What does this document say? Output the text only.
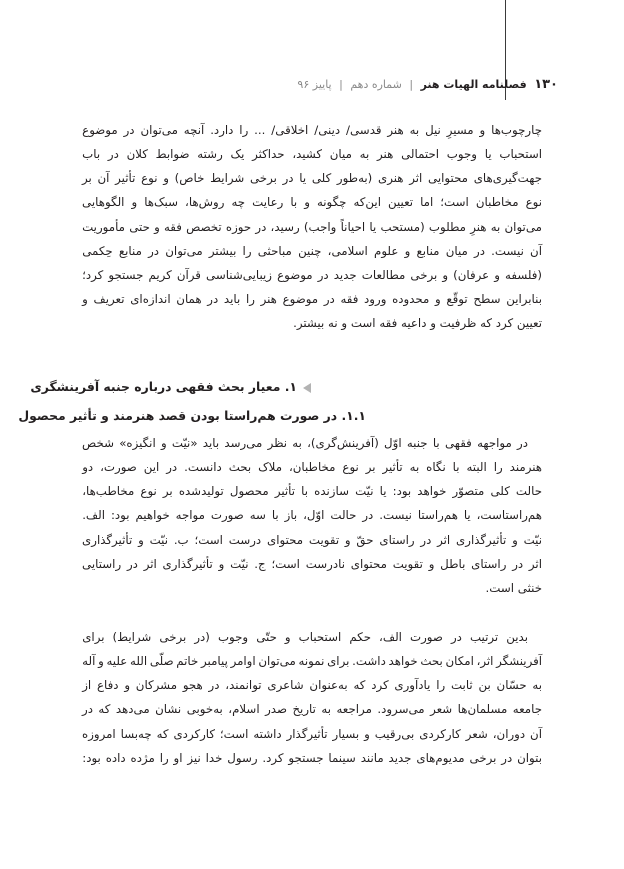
۱۳۰ فصلنامه الهیات هنر | شماره دهم | پاییز ۹۶
چارچوب‌ها
و
مسیرِ
نیل
به
هنر
قدسی/
دینی/
اخلاقی/
...
را
دارد.
آنچه
می‌توان
در
موضوع
استحباب
یا
وجوب
احتمالی
هنر
به
میان
کشید،
حداکثر
یک
رشته
ضوابط
کلان
در
باب
جهت‌گیری‌های
محتوایی
اثر
هنری
(به‌طور
کلی
یا
در
برخی
شرایط
خاص)
و
نوع
تأثیر
آن
بر
نوع
مخاطبان
است؛
اما
تعیین
این‌که
چگونه
و
با
رعایت
چه
روش‌ها،
سبک‌ها
و
الگوهایی
می‌توان
به
هنرِ
مطلوب
(مستحب
یا
احیاناً
واجب)
رسید،
در
حوزه
تخصص
فقه
و
حتی
مأموریت
آن
نیست.
در
میان
منابع
و
علوم
اسلامی،
چنین
مباحثی
را
بیشتر
می‌توان
در
منابع
حِکمی
(فلسفه
و
عرفان)
و
برخی
مطالعات
جدید
در
موضوع
زیبایی‌شناسی
قرآن
کریم
جستجو
کرد؛
بنابراین
سطح
توقّع
و
محدوده
ورود
فقه
در
موضوع
هنر
را
باید
در
همان
اندازه‌ای
تعریف
و
تعیین کرد که ظرفیت و داعیه فقه است و نه بیشتر.
۱. معیار بحث فقهی درباره جنبه آفرینشگری
۱.۱. در صورت هم‌راستا بودن قصد هنرمند و تأثیر محصول
در
مواجهه
فقهی
با
جنبه
اوّل
(آفرینش‌گری)،
به
نظر
می‌رسد
باید
«نیّت
و
انگیزه»
شخص
هنرمند
را
البته
با
نگاه
به
تأثیر
بر
نوع
مخاطبان،
ملاک
بحث
دانست.
در
این
صورت،
دو
حالت
کلی
متصوّر
خواهد
بود:
یا
نیّت
سازنده
با
تأثیر
محصول
تولیدشده
بر
نوع
مخاطب‌ها،
هم‌راستاست،
یا
هم‌راستا
نیست.
در
حالت
اوّل،
باز
با
سه
صورت
مواجه
خواهیم
بود:
الف.
نیّت
و
تأثیرگذاری
اثر
در
راستای
حقّ
و
تقویت
محتوای
درست
است؛
ب.
نیّت
و
تأثیرگذاری
اثر
در
راستای
باطل
و
تقویت
محتوای
نادرست
است؛
ج.
نیّت
و
تأثیرگذاری
اثر
در
راستایی
خنثی است.
بدین
ترتیب
در
صورت
الف،
حکم
استحباب
و
حتّی
وجوب
(در
برخی
شرایط)
برای
آفرینشگر
اثر،
امکان
بحث
خواهد
داشت.
برای
نمونه
می‌توان
اوامر
پیامبر
خاتم
صلّی
الله
علیه
و
آله
به
حسّان
بن
ثابت
را
یادآوری
کرد
که
به‌عنوان
شاعری
توانمند،
در
هجو
مشرکان
و
دفاع
از
جامعه
مسلمان‌ها
شعر
می‌سرود.
مراجعه
به
تاریخ
صدر
اسلام،
به‌خوبی
نشان
می‌دهد
که
در
آن
دوران،
شعر
کارکردی
بی‌رقیب
و
بسیار
تأثیرگذار
داشته
است؛
کارکردی
که
چه‌بسا
امروزه
بتوان
در
برخی
مدیوم‌های
جدید
مانند
سینما
جستجو
کرد.
رسول
خدا
نیز
او
را
مژده
داده
بود:
